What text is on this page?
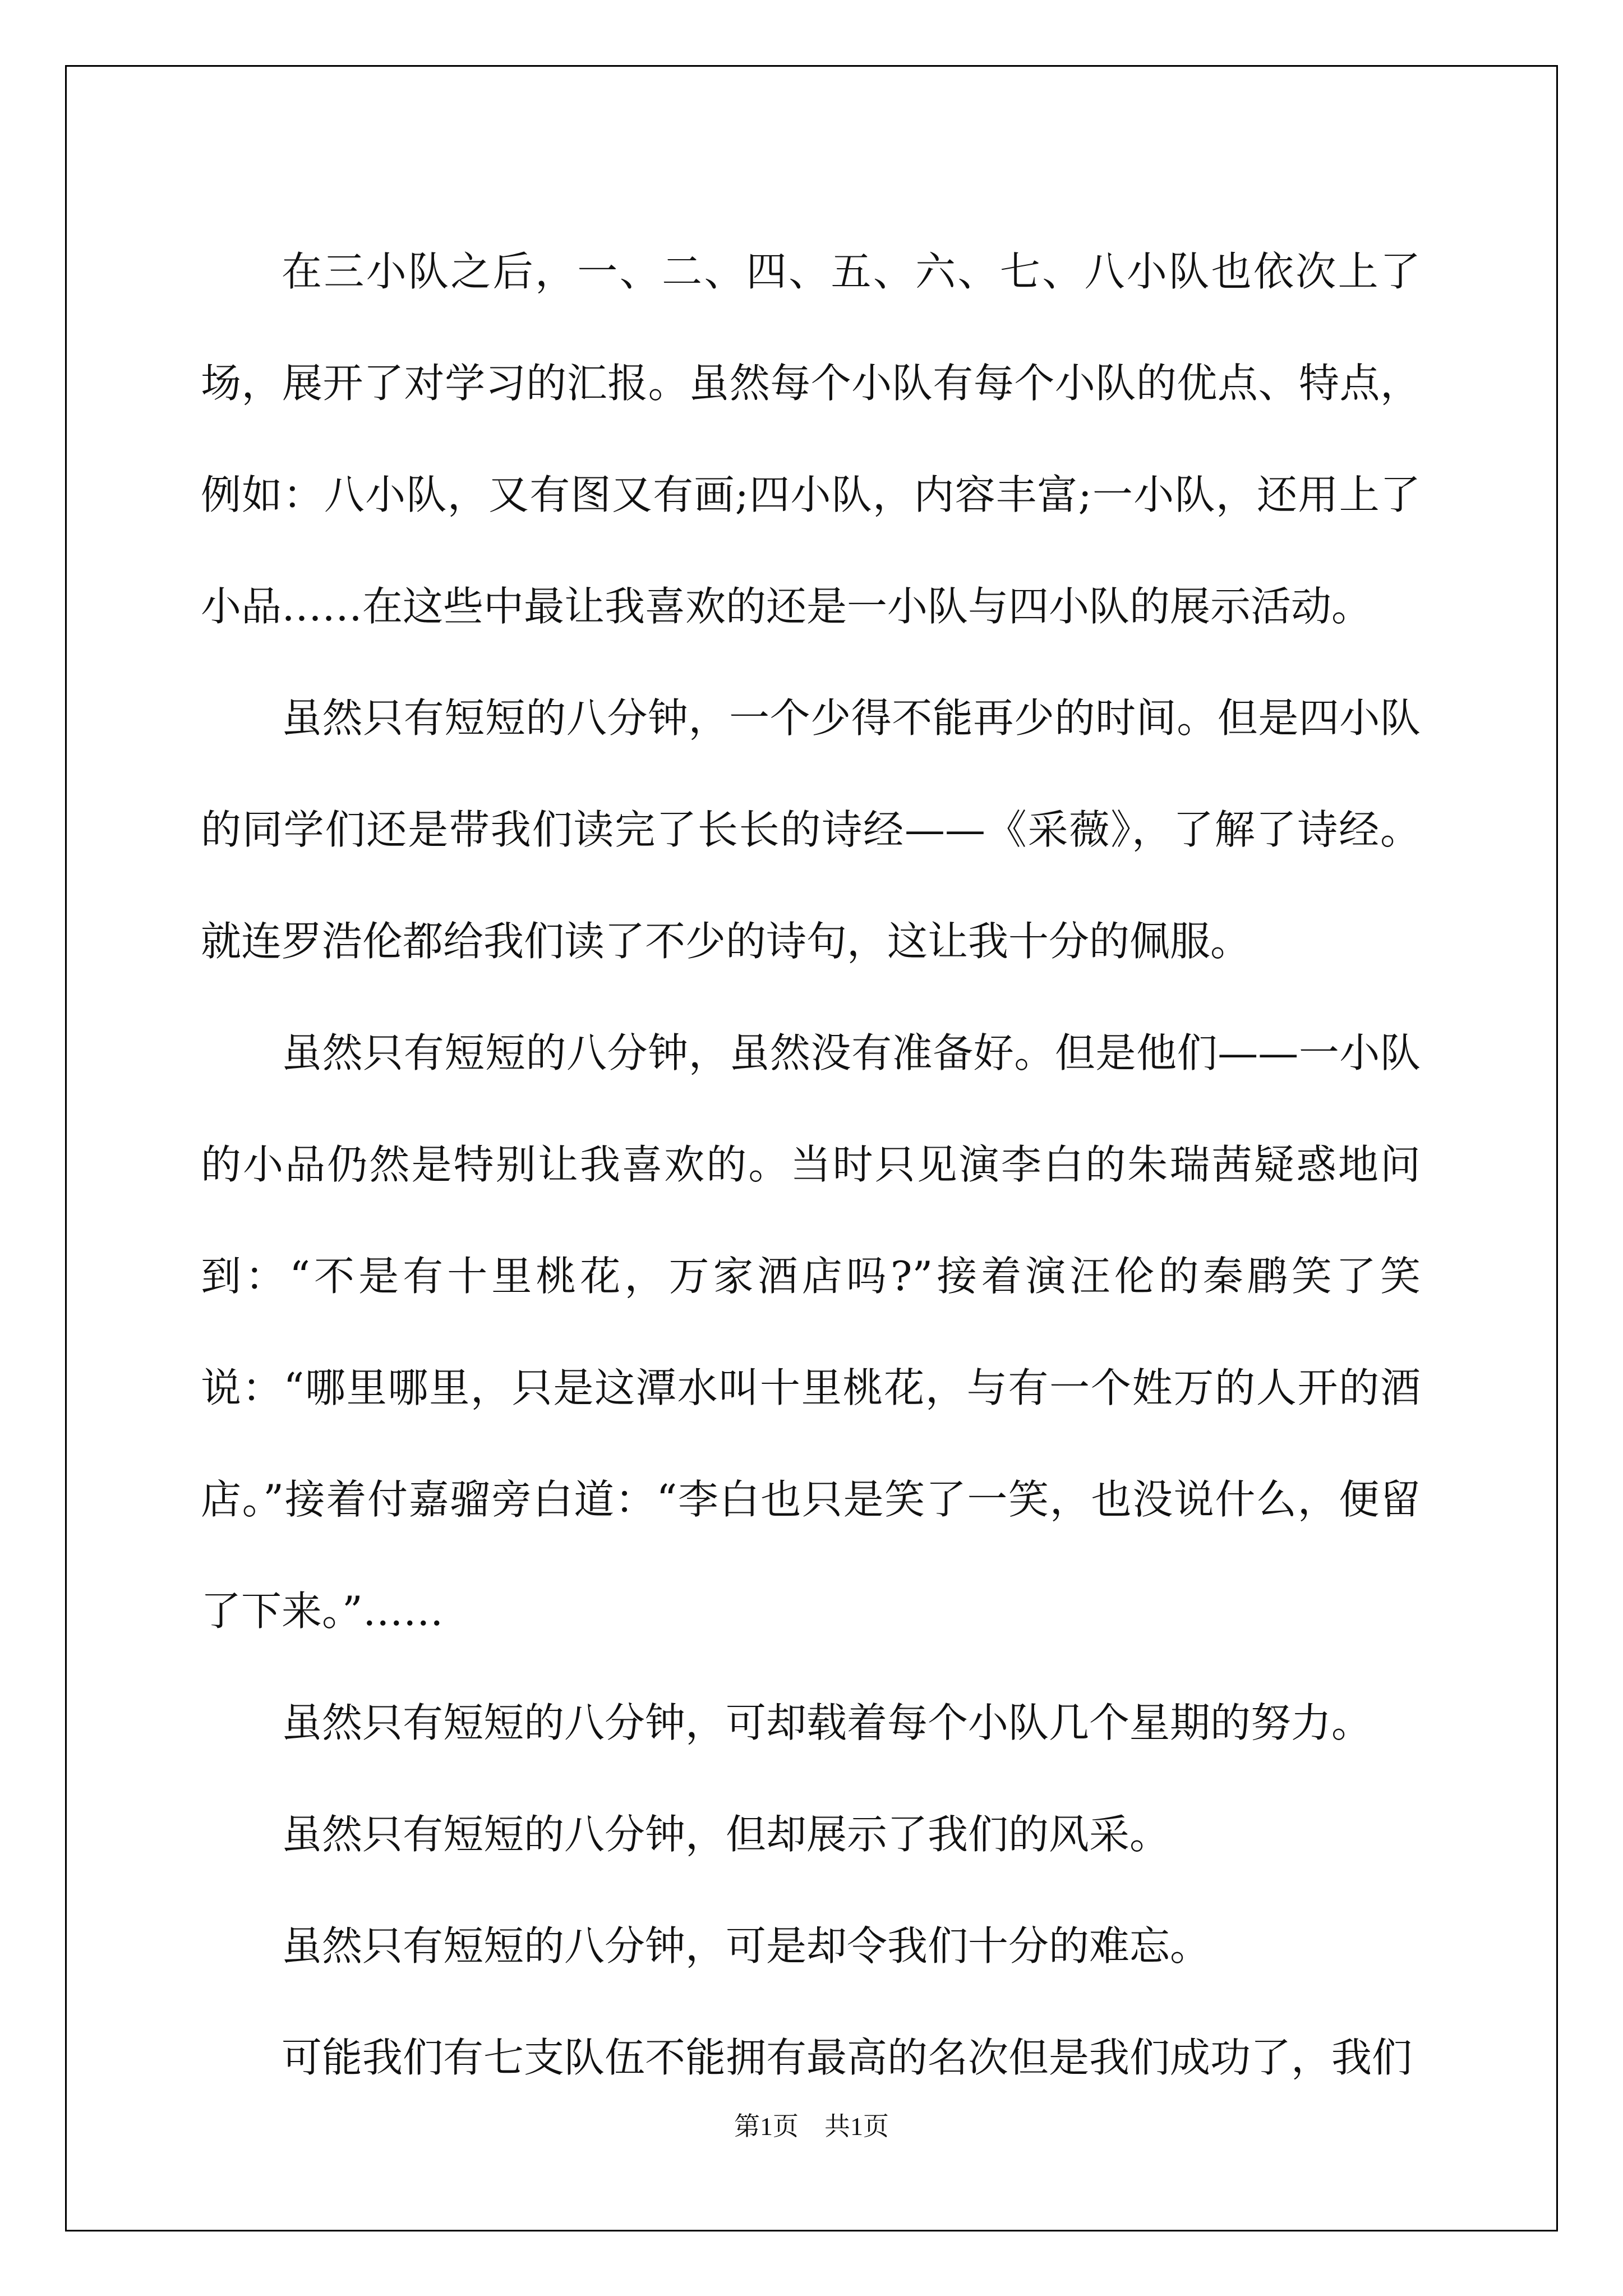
在三小队之后，一、二、四、五、六、七、八小队也依次上了场，展开了对学习的汇报。虽然每个小队有每个小队的优点、特点，例如：八小队，又有图又有画;四小队，内容丰富;一小队，还用上了小品……在这些中最让我喜欢的还是一小队与四小队的展示活动。

虽然只有短短的八分钟，一个少得不能再少的时间。但是四小队的同学们还是带我们读完了长长的诗经——《采薇》，了解了诗经。就连罗浩伦都给我们读了不少的诗句，这让我十分的佩服。

虽然只有短短的八分钟，虽然没有准备好。但是他们——一小队的小品仍然是特别让我喜欢的。当时只见演李白的朱瑞茜疑惑地问到：“不是有十里桃花，万家酒店吗?”接着演汪伦的秦鹛笑了笑说：“哪里哪里，只是这潭水叫十里桃花，与有一个姓万的人开的酒店。”接着付嘉骝旁白道：“李白也只是笑了一笑，也没说什么，便留了下来。”……

虽然只有短短的八分钟，可却载着每个小队几个星期的努力。

虽然只有短短的八分钟，但却展示了我们的风采。

虽然只有短短的八分钟，可是却令我们十分的难忘。

可能我们有七支队伍不能拥有最高的名次但是我们成功了，我们

第1页　共1页
